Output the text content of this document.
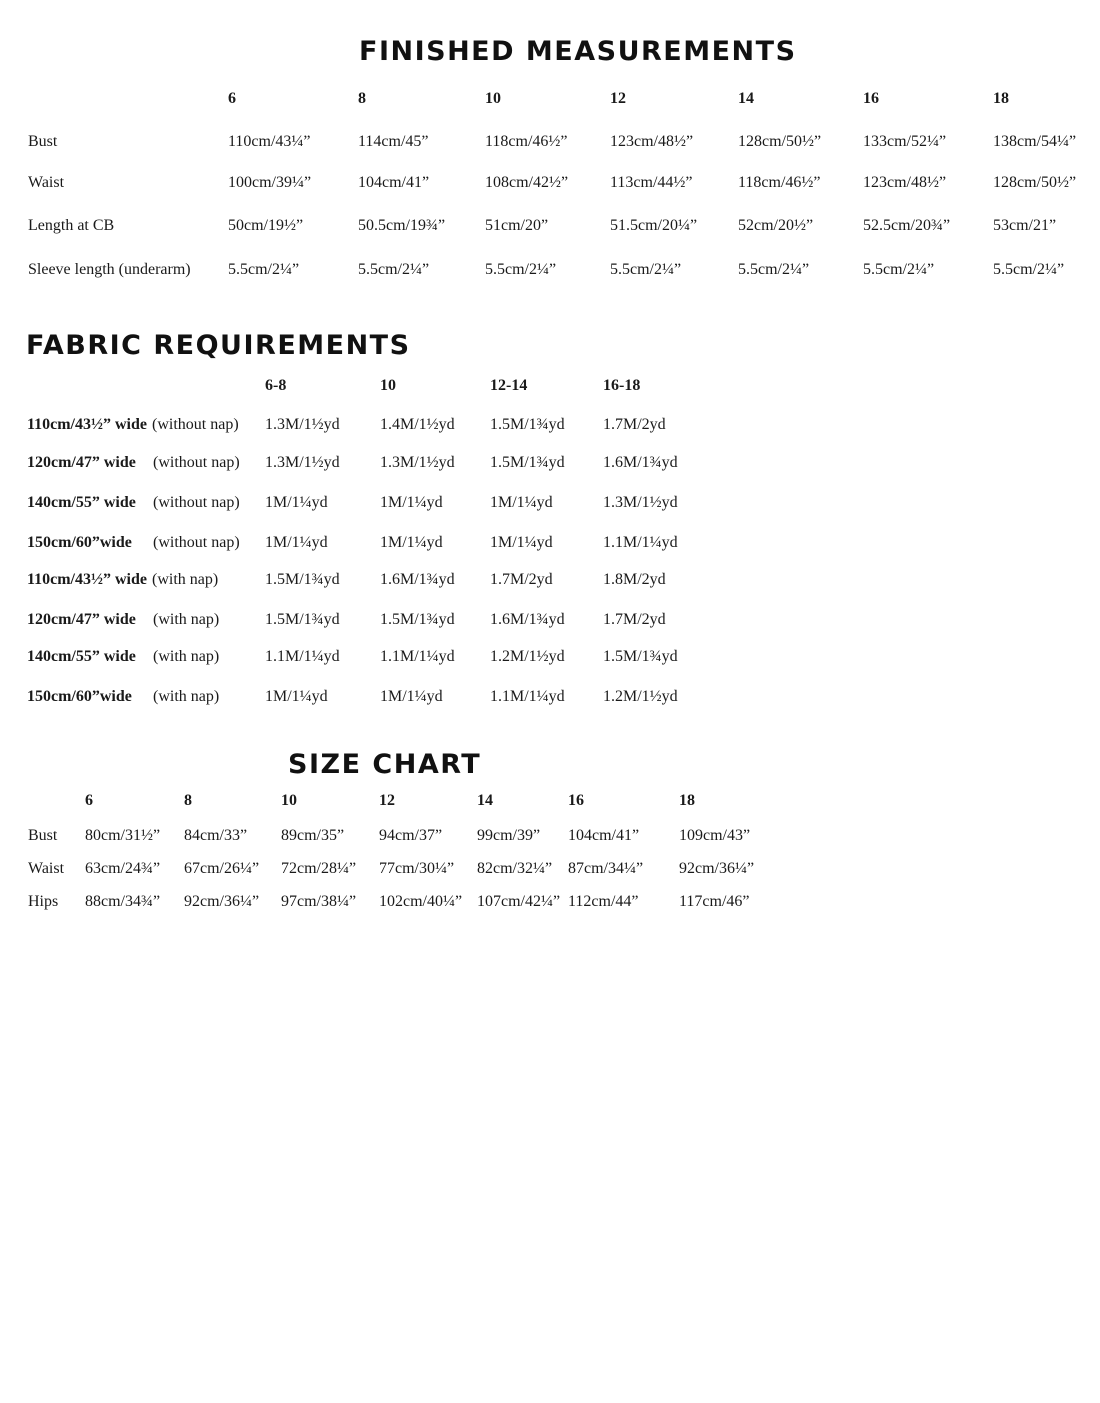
FINISHED MEASUREMENTS
6	8	10	12	14	16	18
Bust	110cm/43¼”	114cm/45”	118cm/46½”	123cm/48½”	128cm/50½”	133cm/52¼”	138cm/54¼”
Waist	100cm/39¼”	104cm/41”	108cm/42½”	113cm/44½”	118cm/46½”	123cm/48½”	128cm/50½”
Length at CB	50cm/19½”	50.5cm/19¾” 51cm/20”	51.5cm/20¼”	52cm/20½”	52.5cm/20¾”	53cm/21”
Sleeve length (underarm) 5.5cm/2¼”	5.5cm/2¼”	5.5cm/2¼”	5.5cm/2¼”	5.5cm/2¼”	5.5cm/2¼”	5.5cm/2¼”
FABRIC REQUIREMENTS
6-8	10	12-14	16-18
110cm/43½” wide (without nap) 1.3M/1½yd	1.4M/1½yd 1.5M/1¾yd 1.7M/2yd
120cm/47” wide (without nap) 1.3M/1½yd	1.3M/1½yd 1.5M/1¾yd 1.6M/1¾yd
140cm/55” wide (without nap) 1M/1¼yd	1M/1¼yd	1M/1¼yd	1.3M/1½yd
150cm/60”wide (without nap) 1M/1¼yd	1M/1¼yd	1M/1¼yd	1.1M/1¼yd
110cm/43½” wide (with nap)	1.5M/1¾yd	1.6M/1¾yd 1.7M/2yd	1.8M/2yd
120cm/47” wide (with nap)	1.5M/1¾yd	1.5M/1¾yd 1.6M/1¾yd 1.7M/2yd
140cm/55” wide (with nap)	1.1M/1¼yd	1.1M/1¼yd 1.2M/1½yd 1.5M/1¾yd
150cm/60”wide (with nap)	1M/1¼yd	1M/1¼yd	1.1M/1¼yd 1.2M/1½yd
SIZE CHART
6	8	10	12	14	16	18
Bust 80cm/31½” 84cm/33” 89cm/35” 94cm/37” 99cm/39” 104cm/41” 109cm/43”
Waist 63cm/24¾” 67cm/26¼” 72cm/28¼” 77cm/30¼” 82cm/32¼” 87cm/34¼” 92cm/36¼”
Hips 88cm/34¾” 92cm/36¼” 97cm/38¼” 102cm/40¼” 107cm/42¼” 112cm/44”	117cm/46”
